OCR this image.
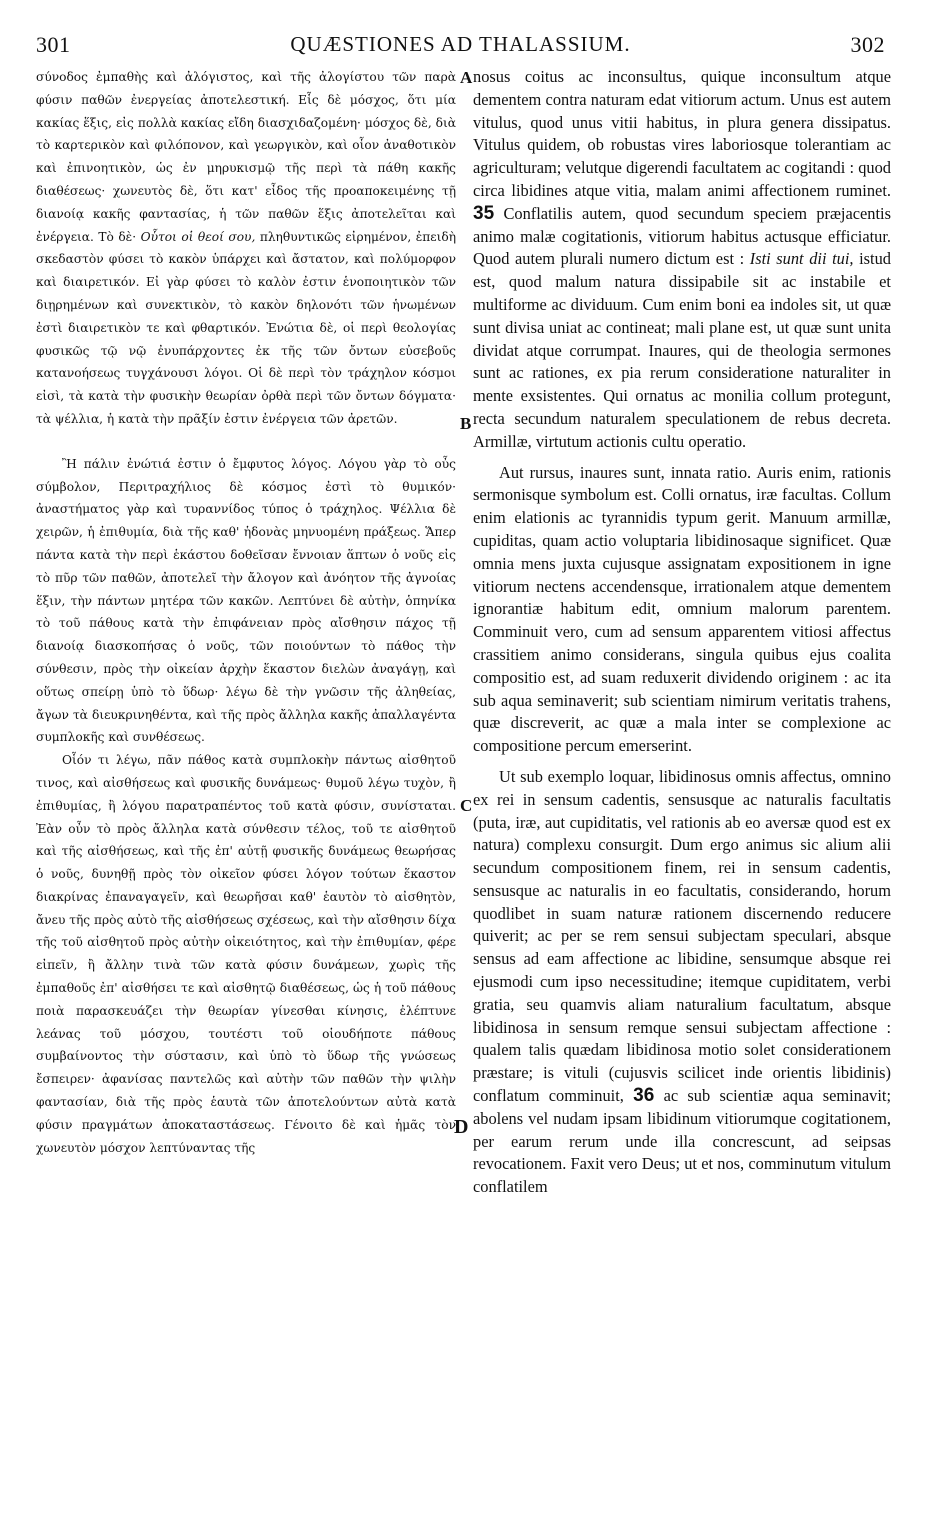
301	QUÆSTIONES AD THALASSIUM.	302
A
B
C
D

σύνοδος ἐμπαθὴς καὶ ἀλόγιστος, καὶ τῆς ἀλογίστου τῶν παρὰ φύσιν παθῶν ἐνεργείας ἀποτελεστική. Εἷς δὲ μόσχος, ὅτι μία κακίας ἕξις, εἰς πολλὰ κακίας εἴδη διασχιδαζομένη· μόσχος δὲ, διὰ τὸ καρτερικὸν καὶ φιλόπονον, καὶ γεωργικὸν, καὶ οἷον ἀναθοτικὸν καὶ ἐπινοητικὸν, ὡς ἐν μηρυκισμῷ τῆς περὶ τὰ πάθη κακῆς διαθέσεως· χωνευτὸς δὲ, ὅτι κατ' εἶδος τῆς προαποκειμένης τῇ διανοίᾳ κακῆς φαντασίας, ἡ τῶν παθῶν ἕξις ἀποτελεῖται καὶ ἐνέργεια. Τὸ δὲ· Οὗτοι οἱ θεοί σου, πληθυντικῶς εἰρημένον, ἐπειδὴ σκεδαστὸν φύσει τὸ κακὸν ὑπάρχει καὶ ἄστατον, καὶ πολύμορφον καὶ διαιρετικόν. Εἰ γὰρ φύσει τὸ καλὸν ἐστιν ἑνοποιητικὸν τῶν διῃρημένων καὶ συνεκτικὸν, τὸ κακὸν δηλονότι τῶν ἡνωμένων ἐστὶ διαιρετικὸν τε καὶ φθαρτικόν. Ἐνώτια δὲ, οἱ περὶ θεολογίας φυσικῶς τῷ νῷ ἐνυπάρχοντες ἐκ τῆς τῶν ὄντων εὐσεβοῦς κατανοήσεως τυγχάνουσι λόγοι. Οἱ δὲ περὶ τὸν τράχηλον κόσμοι εἰσὶ, τὰ κατὰ τὴν φυσικὴν θεωρίαν ὀρθὰ περὶ τῶν ὄντων δόγματα· τὰ ψέλλια, ἡ κατὰ τὴν πρᾶξίν ἐστιν ἐνέργεια τῶν ἀρετῶν.

Ἢ πάλιν ἐνώτιά ἐστιν ὁ ἔμφυτος λόγος. Λόγου γὰρ τὸ οὖς σύμβολον, Περιτραχήλιος δὲ κόσμος ἐστὶ τὸ θυμικόν· ἀναστήματος γὰρ καὶ τυραννίδος τύπος ὁ τράχηλος. Ψέλλια δὲ χειρῶν, ἡ ἐπιθυμία, διὰ τῆς καθ' ἡδονὰς μηνυομένη πράξεως. Ἅπερ πάντα κατὰ τὴν περὶ ἑκάστου δοθεῖσαν ἔννοιαν ἅπτων ὁ νοῦς εἰς τὸ πῦρ τῶν παθῶν, ἀποτελεῖ τὴν ἄλογον καὶ ἀνόητον τῆς ἀγνοίας ἕξιν, τὴν πάντων μητέρα τῶν κακῶν. Λεπτύνει δὲ αὐτὴν, ὁπηνίκα τὸ τοῦ πάθους κατὰ τὴν ἐπιφάνειαν πρὸς αἴσθησιν πάχος τῇ διανοίᾳ διασκοπήσας ὁ νοῦς, τῶν ποιούντων τὸ πάθος τὴν σύνθεσιν, πρὸς τὴν οἰκείαν ἀρχὴν ἕκαστον διελὼν ἀναγάγῃ, καὶ οὕτως σπείρῃ ὑπὸ τὸ ὕδωρ· λέγω δὲ τὴν γνῶσιν τῆς ἀληθείας, ἄγων τὰ διευκρινηθέντα, καὶ τῆς πρὸς ἄλληλα κακῆς ἀπαλλαγέντα συμπλοκῆς καὶ συνθέσεως.

Οἷόν τι λέγω, πᾶν πάθος κατὰ συμπλοκὴν πάντως αἰσθητοῦ τινος, καὶ αἰσθήσεως καὶ φυσικῆς δυνάμεως· θυμοῦ λέγω τυχὸν, ἢ ἐπιθυμίας, ἢ λόγου παρατραπέντος τοῦ κατὰ φύσιν, συνίσταται. Ἐὰν οὖν τὸ πρὸς ἄλληλα κατὰ σύνθεσιν τέλος, τοῦ τε αἰσθητοῦ καὶ τῆς αἰσθήσεως, καὶ τῆς ἐπ' αὐτῇ φυσικῆς δυνάμεως θεωρήσας ὁ νοῦς, δυνηθῇ πρὸς τὸν οἰκεῖον φύσει λόγον τούτων ἕκαστον διακρίνας ἐπαναγαγεῖν, καὶ θεωρῆσαι καθ' ἑαυτὸν τὸ αἰσθητὸν, ἄνευ τῆς πρὸς αὐτὸ τῆς αἰσθήσεως σχέσεως, καὶ τὴν αἴσθησιν δίχα τῆς τοῦ αἰσθητοῦ πρὸς αὐτὴν οἰκειότητος, καὶ τὴν ἐπιθυμίαν, φέρε εἰπεῖν, ἢ ἄλλην τινὰ τῶν κατὰ φύσιν δυνάμεων, χωρὶς τῆς ἐμπαθοῦς ἐπ' αἰσθήσει τε καὶ αἰσθητῷ διαθέσεως, ὡς ἡ τοῦ πάθους ποιὰ παρασκευάζει τὴν θεωρίαν γίνεσθαι κίνησις, ἐλέπτυνε λεάνας τοῦ μόσχου, τουτέστι τοῦ οἱουδήποτε πάθους συμβαίνοντος τὴν σύστασιν, καὶ ὑπὸ τὸ ὕδωρ τῆς γνώσεως ἔσπειρεν· ἀφανίσας παντελῶς καὶ αὐτὴν τῶν παθῶν τὴν ψιλὴν φαντασίαν, διὰ τῆς πρὸς ἑαυτὰ τῶν ἀποτελούντων αὐτὰ κατὰ φύσιν πραγμάτων ἀποκαταστάσεως. Γένοιτο δὲ καὶ ἡμᾶς τὸν χωνευτὸν μόσχον λεπτύναντας τῆς

nosus coitus ac inconsultus, quique inconsultum atque dementem contra naturam edat vitiorum actum. Unus est autem vitulus, quod unus vitii habitus, in plura genera dissipatus. Vitulus quidem, ob robustas vires laboriosque tolerantiam ac agriculturam; velutque digerendi facultatem ac cogitandi : quod circa libidines atque vitia, malam animi affectionem ruminet. 35 Conflatilis autem, quod secundum speciem præjacentis animo malæ cogitationis, vitiorum habitus actusque efficiatur. Quod autem plurali numero dictum est : Isti sunt dii tui, istud est, quod malum natura dissipabile sit ac instabile et multiforme ac dividuum. Cum enim boni ea indoles sit, ut quæ sunt divisa uniat ac contineat; mali plane est, ut quæ sunt unita dividat atque corrumpat. Inaures, qui de theologia sermones sunt ac rationes, ex pia rerum consideratione naturaliter in mente exsistentes. Qui ornatus ac monilia collum protegunt, recta secundum naturalem speculationem de rebus decreta. Armillæ, virtutum actionis cultu operatio.

Aut rursus, inaures sunt, innata ratio. Auris enim, rationis sermonisque symbolum est. Colli ornatus, iræ facultas. Collum enim elationis ac tyrannidis typum gerit. Manuum armillæ, cupiditas, quam actio voluptaria libidinosaque significet. Quæ omnia mens juxta cujusque assignatam expositionem in igne vitiorum nectens accendensque, irrationalem atque dementem ignorantiæ habitum edit, omnium malorum parentem. Comminuit vero, cum ad sensum apparentem vitiosi affectus crassitiem animo considerans, singula quibus ejus coalita compositio est, ad suam reduxerit dividendo originem : ac ita sub aqua seminaverit; sub scientiam nimirum veritatis trahens, quæ discreverit, ac quæ a mala inter se complexione ac compositione percum emerserint.

Ut sub exemplo loquar, libidinosus omnis affectus, omnino ex rei in sensum cadentis, sensusque ac naturalis facultatis (puta, iræ, aut cupiditatis, vel rationis ab eo aversæ quod est ex natura) complexu consurgit. Dum ergo animus sic alium alii secundum compositionem finem, rei in sensum cadentis, sensusque ac naturalis in eo facultatis, considerando, horum quodlibet in suam naturæ rationem discernendo reducere quiverit; ac per se rem sensui subjectam speculari, absque sensus ad eam affectione ac libidine, sensumque absque rei ejusmodi cum ipso necessitudine; itemque cupiditatem, verbi gratia, seu quamvis aliam naturalium facultatum, absque libidinosa in sensum remque sensui subjectam affectione : qualem talis quædam libidinosa motio solet considerationem præstare; is vituli (cujusvis scilicet inde orientis libidinis) conflatum comminuit, 36 ac sub scientiæ aqua seminavit; abolens vel nudam ipsam libidinum vitiorumque cogitationem, per earum rerum unde illa concrescunt, ad seipsas revocationem. Faxit vero Deus; ut et nos, comminutum vitulum conflatilem
